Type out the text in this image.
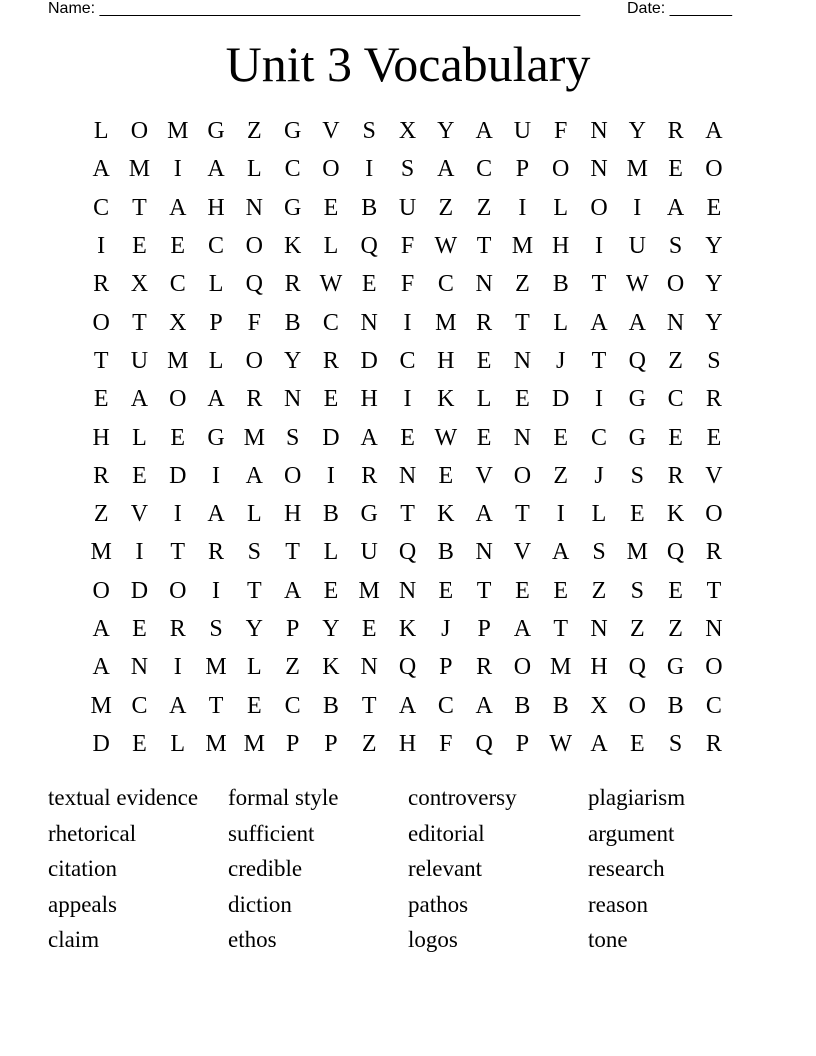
Name: ______________________________________________________	Date: _______
Unit 3 Vocabulary
L O M G Z G V S X Y A U F N Y R A
A M I	A L C O	I	S A C P O N M E O
C T A H N G E B U Z Z	I	L O	I	A E
I	E E C O K L Q F W T M H	I	U S Y
R X C L Q R W E	F C N Z B T W O Y
O T X P	F B C N	I M R T L A A N Y
T U M L O Y R D C H E N	J	T Q Z	S
E A O A R N E H	I	K L E D	I	G C R
H L E G M S D A E W E N E C G E E
R E D	I	A O	I	R N E V O Z	J	S R V
Z V	I	A L H B G T K A T	I	L E K O
M I	T R S	T L U Q B N V A S M Q R
O D O	I	T A E M N E T E E Z	S	E T
A E R S Y P Y E K	J	P A T N Z Z N
A N	I M L Z K N Q P R O M H Q G O
M C A T E C B T A C A B B X O B C
D E L M M P	P	Z H F Q P W A E	S R
textual evidence	formal style	controversy	plagiarism
rhetorical	sufficient	editorial	argument
citation	credible	relevant	research
appeals	diction	pathos	reason
claim	ethos	logos	tone
